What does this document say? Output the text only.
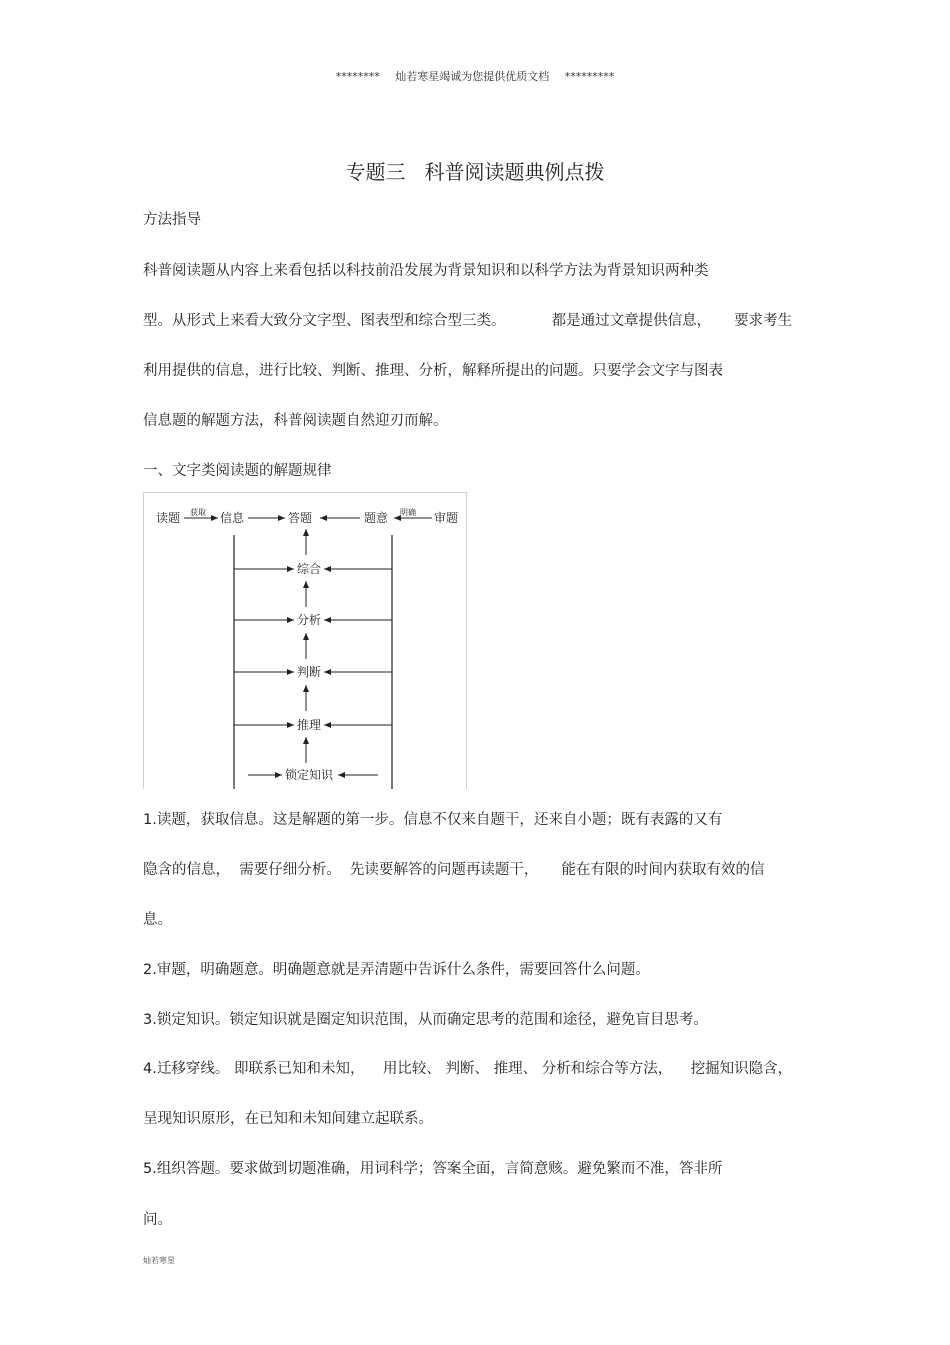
******** 灿若寒星竭诚为您提供优质文档 *********
专题三   科普阅读题典例点拨
方法指导
科普阅读题从内容上来看包括以科技前沿发展为背景知识和以科学方法为背景知识两种类
型。从形式上来看大致分文字型、图表型和综合型三类。          都是通过文章提供信息，     要求考生
利用提供的信息，进行比较、判断、推理、分析，解释所提出的问题。只要学会文字与图表
信息题的解题方法，科普阅读题自然迎刃而解。
一、文字类阅读题的解题规律
读题 获取 信息	答题	题意 明确 审题
综合
分析
判断
推理
锁定知识
1.读题，获取信息。这是解题的第一步。信息不仅来自题干，还来自小题；既有表露的又有
隐含的信息，  需要仔细分析。  先读要解答的问题再读题干，     能在有限的时间内获取有效的信
息。
2.审题，明确题意。明确题意就是弄清题中告诉什么条件，需要回答什么问题。
3.锁定知识。锁定知识就是圈定知识范围，从而确定思考的范围和途径，避免盲目思考。
4.迁移穿线。 即联系已知和未知，    用比较、 判断、 推理、 分析和综合等方法，    挖掘知识隐含，
呈现知识原形，在已知和未知间建立起联系。
5.组织答题。要求做到切题准确，用词科学；答案全面，言简意赅。避免繁而不准，答非所
问。
灿若寒星
